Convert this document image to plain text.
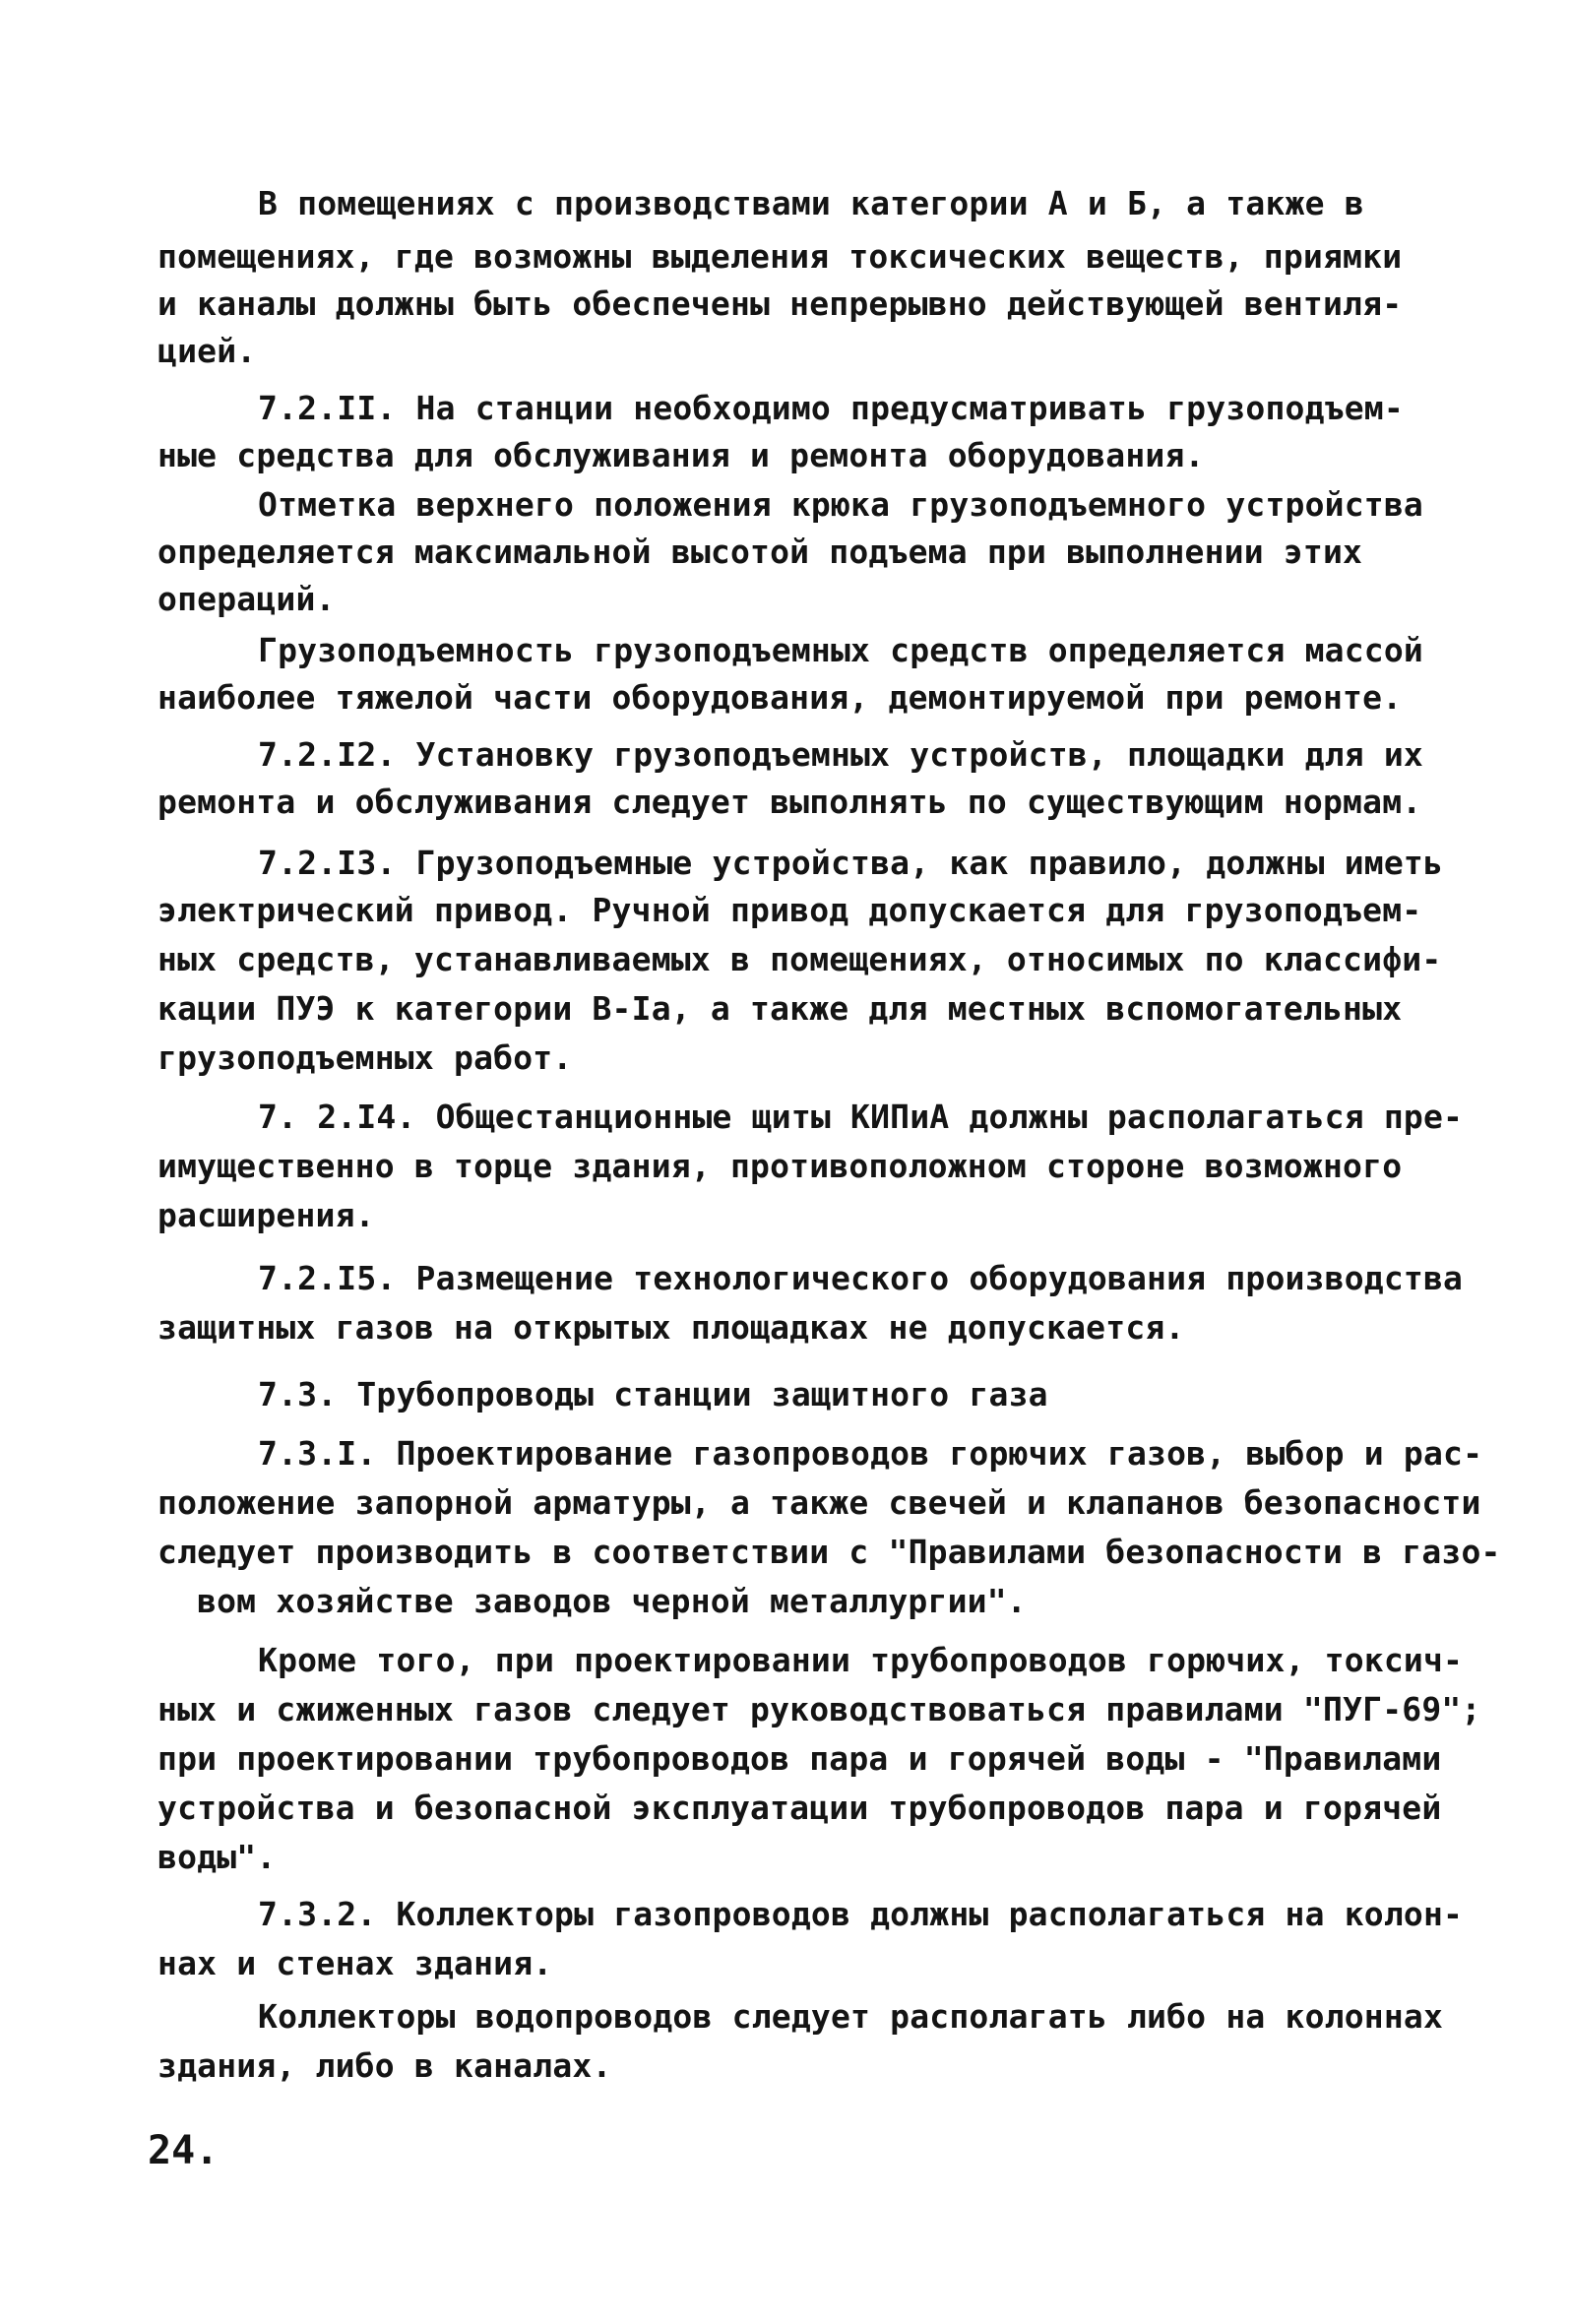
В помещениях с производствами категории А и Б, а также в
помещениях, где возможны выделения токсических веществ, приямки
и каналы должны быть обеспечены непрерывно действующей вентиля-
цией.
7.2.II. На станции необходимо предусматривать грузоподъем-
ные средства для обслуживания и ремонта оборудования.
Отметка верхнего положения крюка грузоподъемного устройства
определяется максимальной высотой подъема при выполнении этих
операций.
Грузоподъемность грузоподъемных средств определяется массой
наиболее тяжелой части оборудования, демонтируемой при ремонте.
7.2.I2. Установку грузоподъемных устройств, площадки для их
ремонта и обслуживания следует выполнять по существующим нормам.
7.2.I3. Грузоподъемные устройства, как правило, должны иметь
электрический привод. Ручной привод допускается для грузоподъем-
ных средств, устанавливаемых в помещениях, относимых по классифи-
кации ПУЭ к категории В-Iа, а также для местных вспомогательных
грузоподъемных работ.
7. 2.I4. Общестанционные щиты КИПиА должны располагаться пре-
имущественно в торце здания, противоположном стороне возможного
расширения.
7.2.I5. Размещение технологического оборудования производства
защитных газов на открытых площадках не допускается.
7.3. Трубопроводы станции защитного газа
7.3.I. Проектирование газопроводов горючих газов, выбор и рас-
положение запорной арматуры, а также свечей и клапанов безопасности
следует производить в соответствии с "Правилами безопасности в газо-
вом хозяйстве заводов черной металлургии".
Кроме того, при проектировании трубопроводов горючих, токсич-
ных и сжиженных газов следует руководствоваться правилами "ПУГ-69";
при проектировании трубопроводов пара и горячей воды - "Правилами
устройства и безопасной эксплуатации трубопроводов пара и горячей
воды".
7.3.2. Коллекторы газопроводов должны располагаться на колон-
нах и стенах здания.
Коллекторы водопроводов следует располагать либо на колоннах
здания, либо в каналах.
24.
